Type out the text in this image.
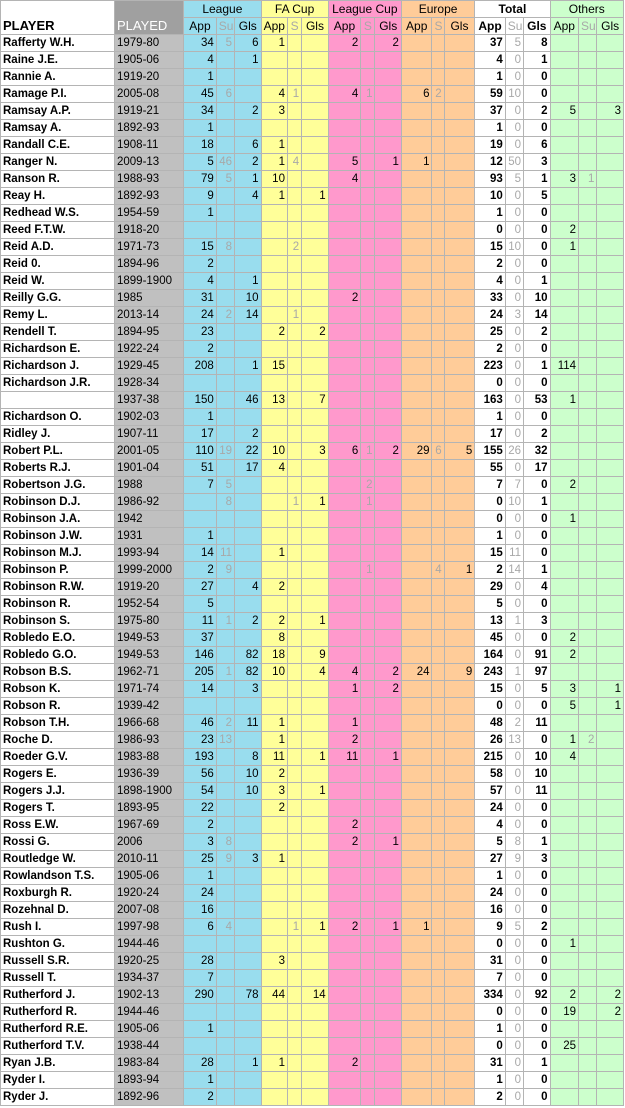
PLAYER	PLAYED	League			FA Cup			League Cup			Europe			Total			Others		
		App	Su	Gls	App	S	Gls	App	S	Gls	App	S	Gls	App	Su	Gls	App	Su	Gls
Rafferty W.H.	1979-80	34	5	6	1			2		2				37	5	8			
Raine J.E.	1905-06	4		1										4	0	1			
Rannie A.	1919-20	1												1	0	0			
Ramage P.I.	2005-08	45	6		4	1		4	1		6	2		59	10	0			
Ramsay A.P.	1919-21	34		2	3									37	0	2	5		3
Ramsay A.	1892-93	1												1	0	0			
Randall C.E.	1908-11	18		6	1									19	0	6			
Ranger N.	2009-13	5	46	2	1	4		5		1	1			12	50	3			
Ranson R.	1988-93	79	5	1	10			4						93	5	1	3	1	
Reay H.	1892-93	9		4	1		1							10	0	5			
Redhead W.S.	1954-59	1												1	0	0			
Reed F.T.W.	1918-20													0	0	0	2		
Reid A.D.	1971-73	15	8			2								15	10	0	1		
Reid 0.	1894-96	2												2	0	0			
Reid W.	1899-1900	4		1										4	0	1			
Reilly G.G.	1985	31		10				2						33	0	10			
Remy L.	2013-14	24	2	14		1								24	3	14			
Rendell T.	1894-95	23			2		2							25	0	2			
Richardson E.	1922-24	2												2	0	0			
Richardson J.	1929-45	208		1	15									223	0	1	114		
Richardson J.R.	1928-34													0	0	0			
	1937-38	150		46	13		7							163	0	53	1		
Richardson O.	1902-03	1												1	0	0			
Ridley J.	1907-11	17		2										17	0	2			
Robert P.L.	2001-05	110	19	22	10		3	6	1	2	29	6	5	155	26	32			
Roberts R.J.	1901-04	51		17	4									55	0	17			
Robertson J.G.	1988	7	5						2					7	7	0	2		
Robinson D.J.	1986-92		8			1	1		1					0	10	1			
Robinson J.A.	1942													0	0	0	1		
Robinson J.W.	1931	1												1	0	0			
Robinson M.J.	1993-94	14	11		1									15	11	0			
Robinson P.	1999-2000	2	9						1			4	1	2	14	1			
Robinson R.W.	1919-20	27		4	2									29	0	4			
Robinson R.	1952-54	5												5	0	0			
Robinson S.	1975-80	11	1	2	2		1							13	1	3			
Robledo E.O.	1949-53	37			8									45	0	0	2		
Robledo G.O.	1949-53	146		82	18		9							164	0	91	2		
Robson B.S.	1962-71	205	1	82	10		4	4		2	24		9	243	1	97			
Robson K.	1971-74	14		3				1		2				15	0	5	3		1
Robson R.	1939-42													0	0	0	5		1
Robson T.H.	1966-68	46	2	11	1			1						48	2	11			
Roche D.	1986-93	23	13		1			2						26	13	0	1	2	
Roeder G.V.	1983-88	193		8	11		1	11		1				215	0	10	4		
Rogers E.	1936-39	56		10	2									58	0	10			
Rogers J.J.	1898-1900	54		10	3		1							57	0	11			
Rogers T.	1893-95	22			2									24	0	0			
Ross E.W.	1967-69	2						2						4	0	0			
Rossi G.	2006	3	8					2		1				5	8	1			
Routledge W.	2010-11	25	9	3	1									27	9	3			
Rowlandson T.S.	1905-06	1												1	0	0			
Roxburgh R.	1920-24	24												24	0	0			
Rozehnal D.	2007-08	16												16	0	0			
Rush I.	1997-98	6	4			1	1	2		1	1			9	5	2			
Rushton G.	1944-46													0	0	0	1		
Russell S.R.	1920-25	28			3									31	0	0			
Russell T.	1934-37	7												7	0	0			
Rutherford J.	1902-13	290		78	44		14							334	0	92	2		2
Rutherford R.	1944-46													0	0	0	19		2
Rutherford R.E.	1905-06	1												1	0	0			
Rutherford T.V.	1938-44													0	0	0	25		
Ryan J.B.	1983-84	28		1	1			2						31	0	1			
Ryder I.	1893-94	1												1	0	0			
Ryder J.	1892-96	2												2	0	0			
